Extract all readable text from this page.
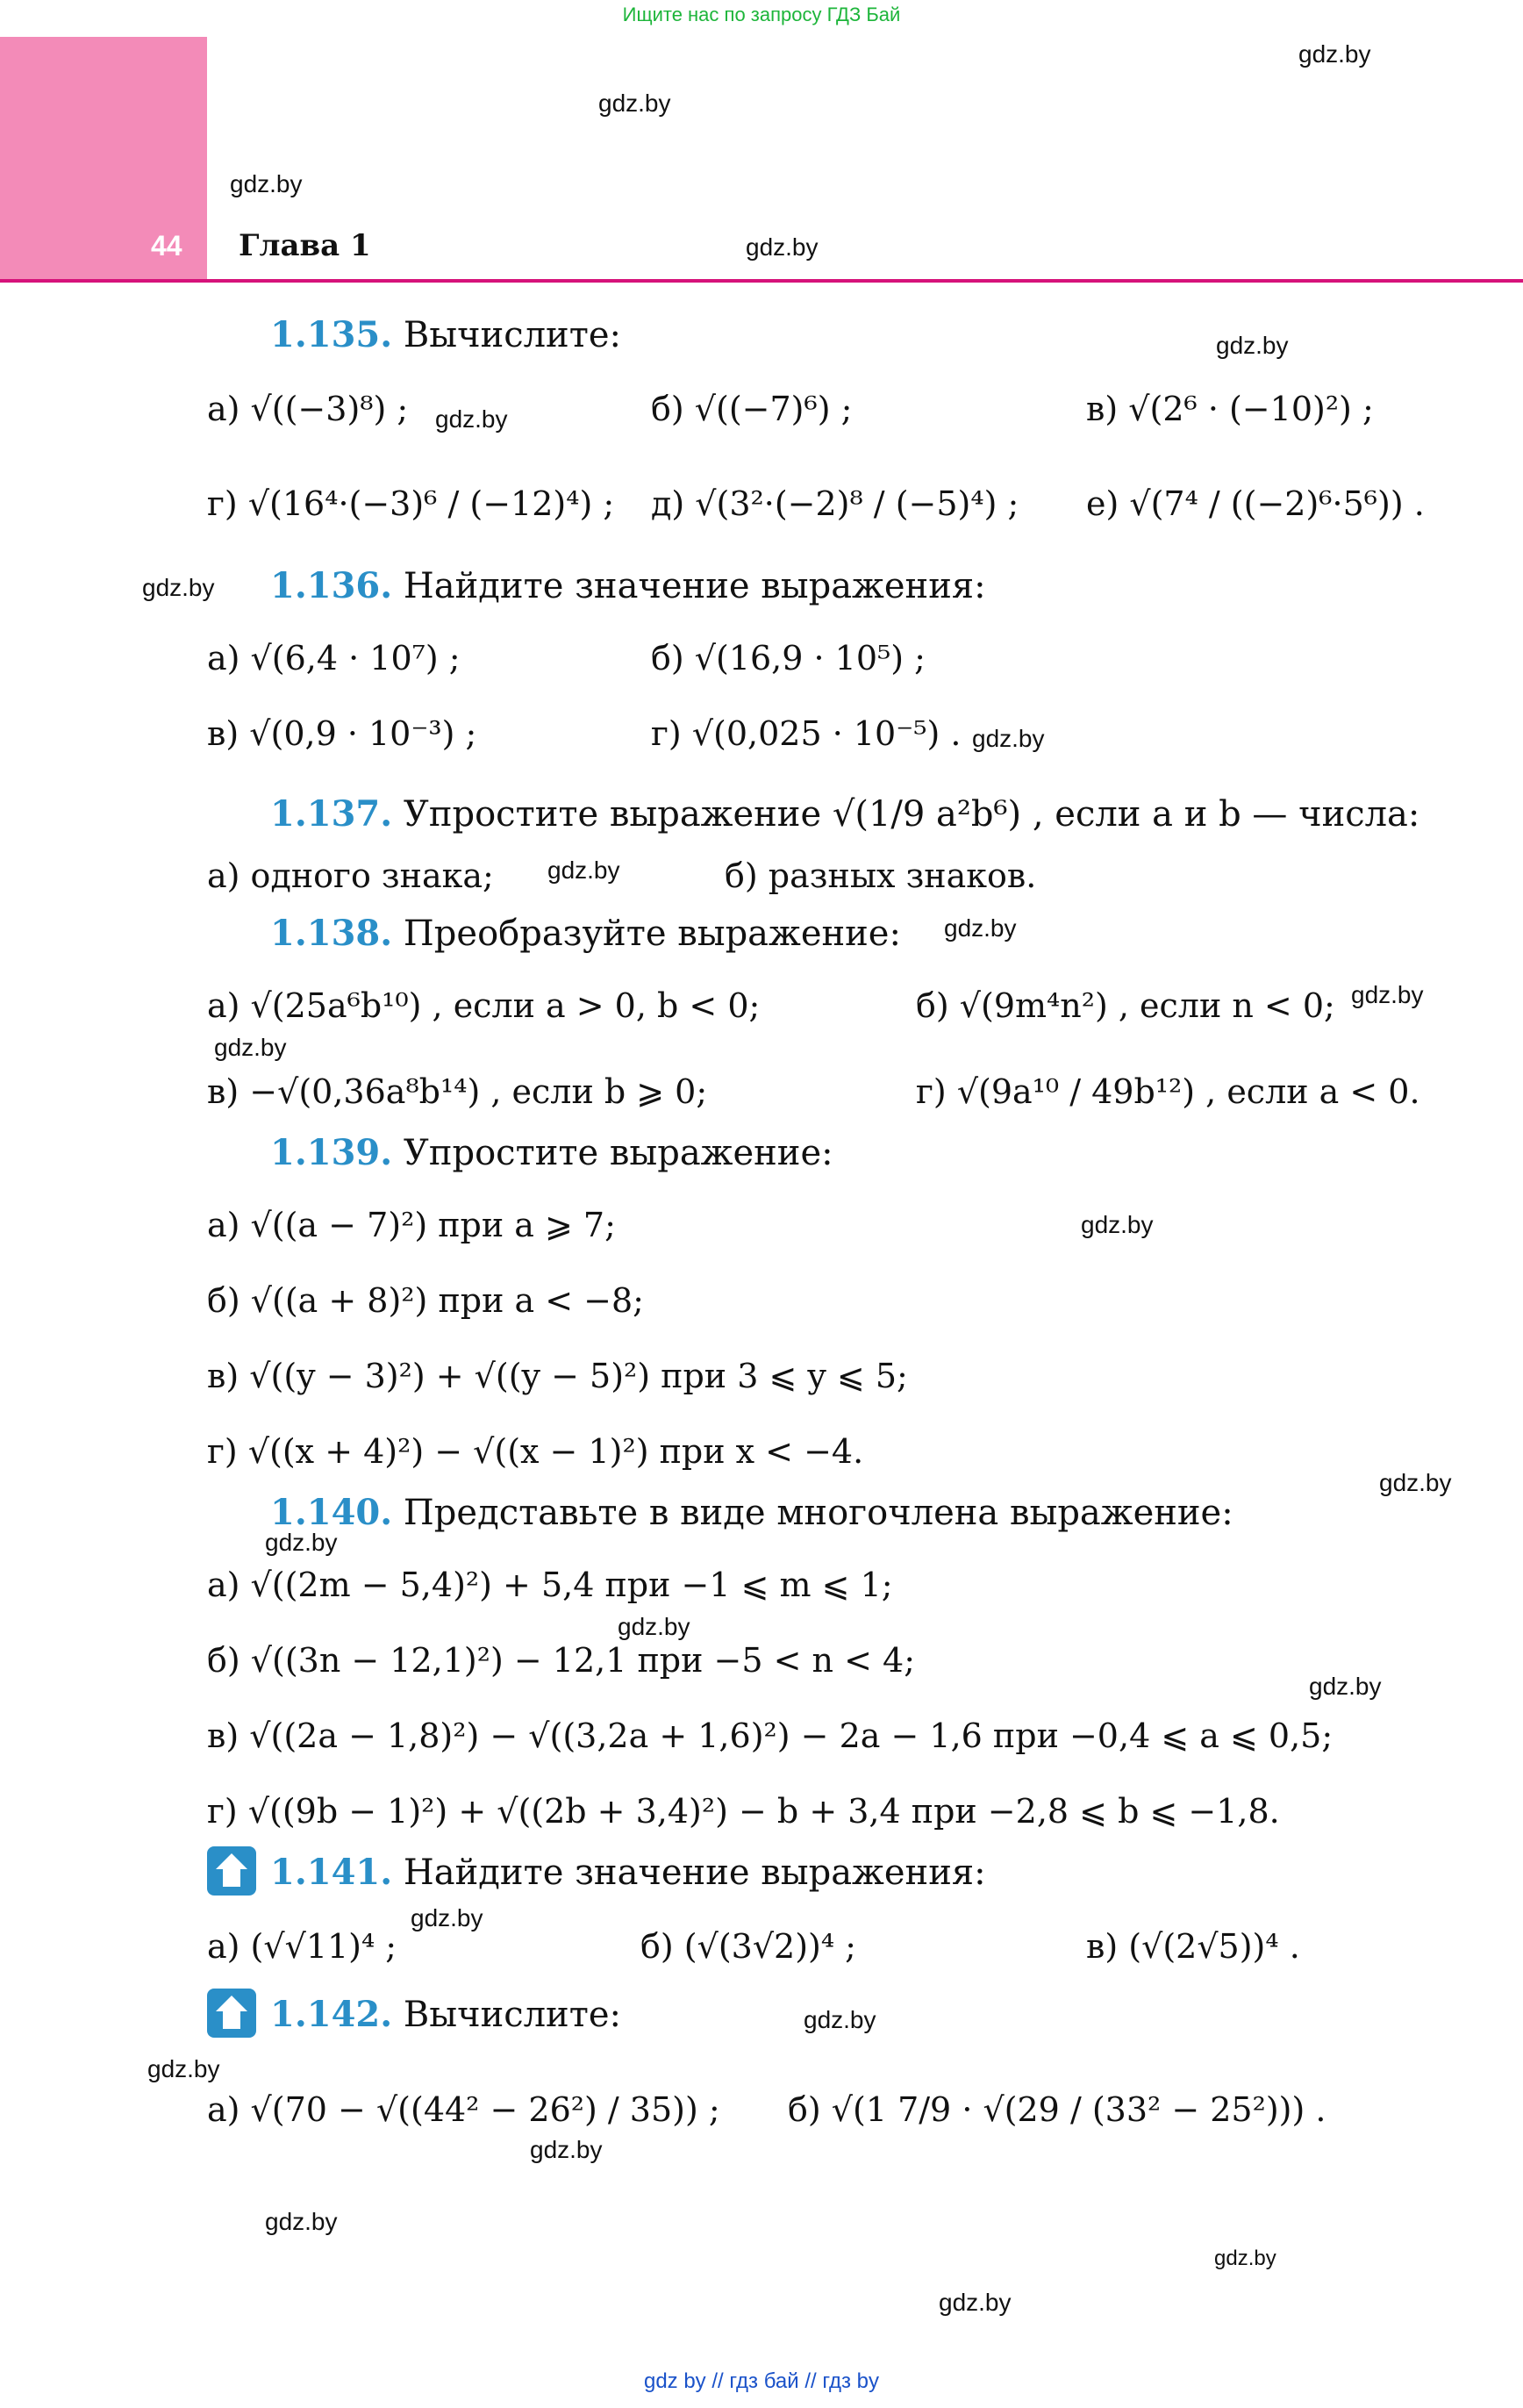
Ищите нас по запросу ГДЗ Бай
44 Глава 1
gdz.by
gdz.by
gdz.by
gdz.by
gdz.by
gdz.by
gdz.by
gdz.by
gdz.by
gdz.by
gdz.by
gdz.by
gdz.by
gdz.by
gdz.by
gdz.by
gdz.by
gdz.by
gdz.by
gdz.by
gdz.by
gdz.by
gdz.by
gdz.by
1.135. Вычислите:
а) √((−3)⁸) ;	б) √((−7)⁶) ;	в) √(2⁶ · (−10)²) ;
г) √(16⁴·(−3)⁶ / (−12)⁴) ; д) √(3²·(−2)⁸ / (−5)⁴) ; е) √(7⁴ / ((−2)⁶·5⁶)) .
1.136. Найдите значение выражения:
а) √(6,4 · 10⁷) ;	б) √(16,9 · 10⁵) ;
в) √(0,9 · 10⁻³) ;	г) √(0,025 · 10⁻⁵) .
1.137. Упростите выражение √(1/9 a²b⁶) , если a и b — числа:
а) одного знака;	б) разных знаков.
1.138. Преобразуйте выражение:
а) √(25a⁶b¹⁰) , если a > 0, b < 0;	б) √(9m⁴n²) , если n < 0;
в) −√(0,36a⁸b¹⁴) , если b ⩾ 0;	г) √(9a¹⁰ / 49b¹²) , если a < 0.
1.139. Упростите выражение:
а) √((a − 7)²) при a ⩾ 7;
б) √((a + 8)²) при a < −8;
в) √((y − 3)²) + √((y − 5)²) при 3 ⩽ y ⩽ 5;
г) √((x + 4)²) − √((x − 1)²) при x < −4.
1.140. Представьте в виде многочлена выражение:
а) √((2m − 5,4)²) + 5,4 при −1 ⩽ m ⩽ 1;
б) √((3n − 12,1)²) − 12,1 при −5 < n < 4;
в) √((2a − 1,8)²) − √((3,2a + 1,6)²) − 2a − 1,6 при −0,4 ⩽ a ⩽ 0,5;
г) √((9b − 1)²) + √((2b + 3,4)²) − b + 3,4 при −2,8 ⩽ b ⩽ −1,8.
1.141. Найдите значение выражения:
а) (√√11)⁴ ;	б) (√(3√2))⁴ ;	в) (√(2√5))⁴ .
1.142. Вычислите:
а) √(70 − √((44² − 26²) / 35)) ; б) √(1 7/9 · √(29 / (33² − 25²))) .
gdz by // гдз бай // гдз by
